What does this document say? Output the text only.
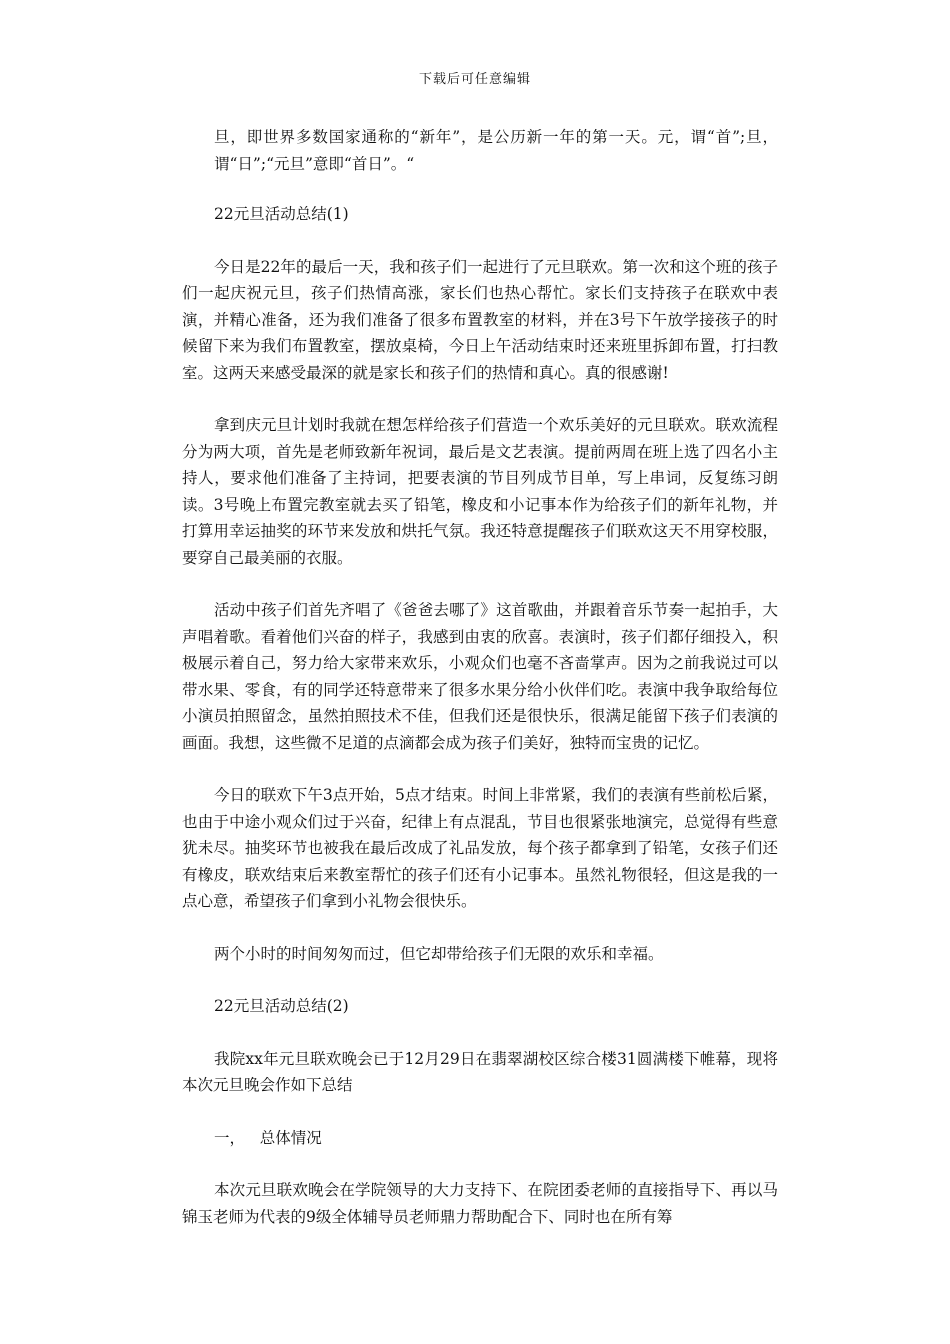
下载后可任意编辑

旦，即世界多数国家通称的“新年”，是公历新一年的第一天。元，谓“首”;旦，谓“日”;“元旦”意即“首日”。“

22元旦活动总结(1)

今日是22年的最后一天，我和孩子们一起进行了元旦联欢。第一次和这个班的孩子们一起庆祝元旦，孩子们热情高涨，家长们也热心帮忙。家长们支持孩子在联欢中表演，并精心准备，还为我们准备了很多布置教室的材料，并在3号下午放学接孩子的时候留下来为我们布置教室，摆放桌椅，今日上午活动结束时还来班里拆卸布置，打扫教室。这两天来感受最深的就是家长和孩子们的热情和真心。真的很感谢!

拿到庆元旦计划时我就在想怎样给孩子们营造一个欢乐美好的元旦联欢。联欢流程分为两大项，首先是老师致新年祝词，最后是文艺表演。提前两周在班上选了四名小主持人，要求他们准备了主持词，把要表演的节目列成节目单，写上串词，反复练习朗读。3号晚上布置完教室就去买了铅笔，橡皮和小记事本作为给孩子们的新年礼物，并打算用幸运抽奖的环节来发放和烘托气氛。我还特意提醒孩子们联欢这天不用穿校服，要穿自己最美丽的衣服。

活动中孩子们首先齐唱了《爸爸去哪了》这首歌曲，并跟着音乐节奏一起拍手，大声唱着歌。看着他们兴奋的样子，我感到由衷的欣喜。表演时，孩子们都仔细投入，积极展示着自己，努力给大家带来欢乐，小观众们也毫不吝啬掌声。因为之前我说过可以带水果、零食，有的同学还特意带来了很多水果分给小伙伴们吃。表演中我争取给每位小演员拍照留念，虽然拍照技术不佳，但我们还是很快乐，很满足能留下孩子们表演的画面。我想，这些微不足道的点滴都会成为孩子们美好，独特而宝贵的记忆。

今日的联欢下午3点开始，5点才结束。时间上非常紧，我们的表演有些前松后紧，也由于中途小观众们过于兴奋，纪律上有点混乱，节目也很紧张地演完，总觉得有些意犹未尽。抽奖环节也被我在最后改成了礼品发放，每个孩子都拿到了铅笔，女孩子们还有橡皮，联欢结束后来教室帮忙的孩子们还有小记事本。虽然礼物很轻，但这是我的一点心意，希望孩子们拿到小礼物会很快乐。

两个小时的时间匆匆而过，但它却带给孩子们无限的欢乐和幸福。

22元旦活动总结(2)

我院xx年元旦联欢晚会已于12月29日在翡翠湖校区综合楼31圆满楼下帷幕，现将本次元旦晚会作如下总结

一，   总体情况

本次元旦联欢晚会在学院领导的大力支持下、在院团委老师的直接指导下、再以马锦玉老师为代表的9级全体辅导员老师鼎力帮助配合下、同时也在所有筹
